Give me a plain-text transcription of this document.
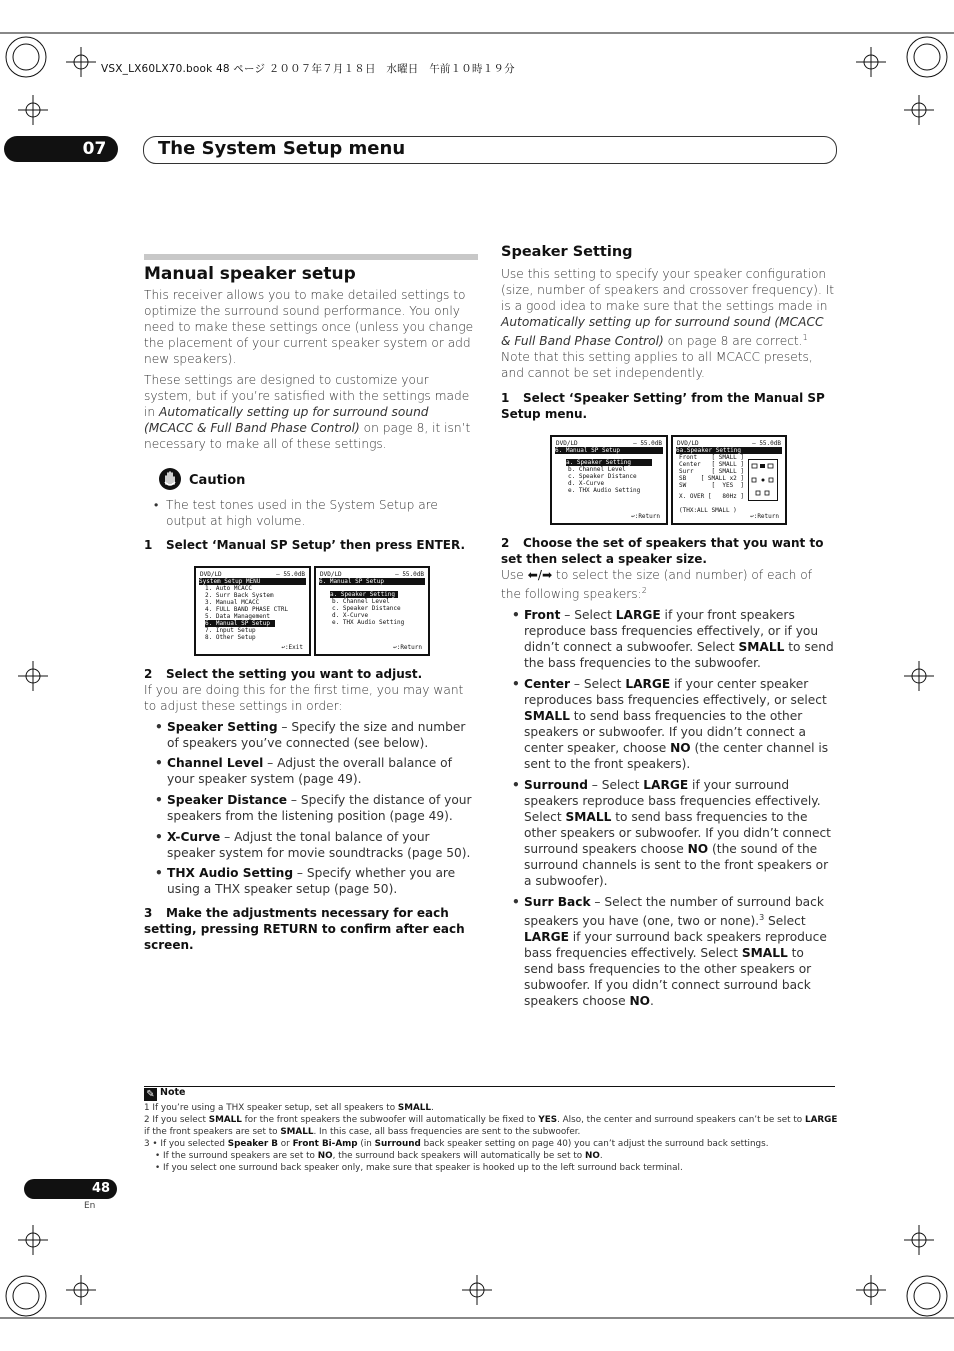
VSX_LX60LX70.book 48 ページ ２００７年７月１８日　水曜日　午前１０時１９分
07	The System Setup menu
Manual speaker setup
This receiver allows you to make detailed settings to optimize the surround sound performance. You only need to make these settings once (unless you change the placement of your current speaker system or add new speakers).
These settings are designed to customize your system, but if you’re satisfied with the settings made in Automatically setting up for surround sound (MCACC & Full Band Phase Control) on page 8, it isn’t necessary to make all of these settings.
Caution
• The test tones used in the System Setup are output at high volume.
1 Select ‘Manual SP Setup’ then press ENTER.
DVD/LD	– 55.0dB
System Setup MENU
1. Auto MCACC
2. Surr Back System
3. Manual MCACC
4. FULL BAND PHASE CTRL
5. Data Management
6. Manual SP Setup
7. Input Setup
8. Other Setup
↩:Exit
DVD/LD	– 55.0dB
6. Manual SP Setup
a. Speaker Setting
b. Channel Level
c. Speaker Distance
d. X-Curve
e. THX Audio Setting
↩:Return
2 Select the setting you want to adjust.
If you are doing this for the first time, you may want to adjust these settings in order:
• Speaker Setting – Specify the size and number of speakers you’ve connected (see below).
• Channel Level – Adjust the overall balance of your speaker system (page 49).
• Speaker Distance – Specify the distance of your speakers from the listening position (page 49).
• X-Curve – Adjust the tonal balance of your speaker system for movie soundtracks (page 50).
• THX Audio Setting – Specify whether you are using a THX speaker setup (page 50).
3 Make the adjustments necessary for each setting, pressing RETURN to confirm after each screen.
Speaker Setting
Use this setting to specify your speaker configuration (size, number of speakers and crossover frequency). It is a good idea to make sure that the settings made in Automatically setting up for surround sound (MCACC & Full Band Phase Control) on page 8 are correct.$^1$ Note that this setting applies to all MCACC presets, and cannot be set independently.
1 Select ‘Speaker Setting’ from the Manual SP Setup menu.
DVD/LD	– 55.0dB
6. Manual SP Setup
a. Speaker Setting
b. Channel Level
c. Speaker Distance
d. X-Curve
e. THX Audio Setting
↩:Return
DVD/LD	– 55.0dB
6a.Speaker Setting
Front    [ SMALL ]
Center   [ SMALL ]
Surr     [ SMALL ]
SB    [ SMALL x2 ]
SW       [  YES  ]
X. OVER [   80Hz ]
(THX:ALL SMALL )
↩:Return
2 Choose the set of speakers that you want to set then select a speaker size.
Use ⬅/➡ to select the size (and number) of each of the following speakers:$^2$
• Front – Select LARGE if your front speakers reproduce bass frequencies effectively, or if you didn’t connect a subwoofer. Select SMALL to send the bass frequencies to the subwoofer.
• Center – Select LARGE if your center speaker reproduces bass frequencies effectively, or select SMALL to send bass frequencies to the other speakers or subwoofer. If you didn’t connect a center speaker, choose NO (the center channel is sent to the front speakers).
• Surround – Select LARGE if your surround speakers reproduce bass frequencies effectively. Select SMALL to send bass frequencies to the other speakers or subwoofer. If you didn’t connect surround speakers choose NO (the sound of the surround channels is sent to the front speakers or a subwoofer).
• Surr Back – Select the number of surround back speakers you have (one, two or none).$^3$ Select LARGE if your surround back speakers reproduce bass frequencies effectively. Select SMALL to send bass frequencies to the other speakers or subwoofer. If you didn’t connect surround back speakers choose NO.
✎ Note
1 If you’re using a THX speaker setup, set all speakers to SMALL.
2 If you select SMALL for the front speakers the subwoofer will automatically be fixed to YES. Also, the center and surround speakers can’t be set to LARGE
if the front speakers are set to SMALL. In this case, all bass frequencies are sent to the subwoofer.
3 • If you selected Speaker B or Front Bi-Amp (in Surround back speaker setting on page 40) you can’t adjust the surround back settings.
• If the surround speakers are set to NO, the surround back speakers will automatically be set to NO.
• If you select one surround back speaker only, make sure that speaker is hooked up to the left surround back terminal.
48
En
